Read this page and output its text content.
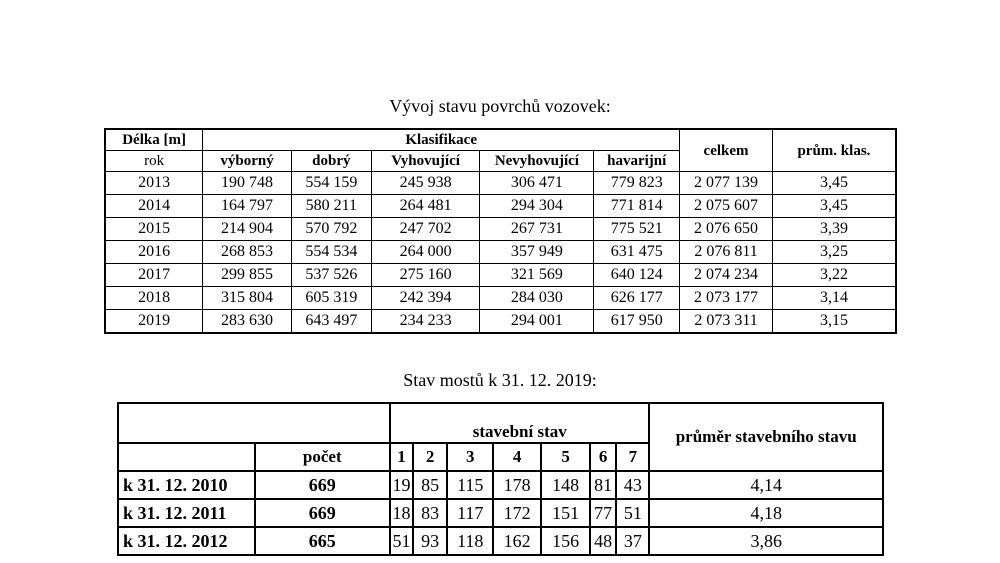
Vývoj stavu povrchů vozovek:
Délka [m]	Klasifikace					celkem	prům. klas.
rok	výborný	dobrý	Vyhovující	Nevyhovující	havarijní		
2013	190 748	554 159	245 938	306 471	779 823	2 077 139	3,45
2014	164 797	580 211	264 481	294 304	771 814	2 075 607	3,45
2015	214 904	570 792	247 702	267 731	775 521	2 076 650	3,39
2016	268 853	554 534	264 000	357 949	631 475	2 076 811	3,25
2017	299 855	537 526	275 160	321 569	640 124	2 074 234	3,22
2018	315 804	605 319	242 394	284 030	626 177	2 073 177	3,14
2019	283 630	643 497	234 233	294 001	617 950	2 073 311	3,15
Stav mostů k 31. 12. 2019:
		stavební stav							průměr stavebního stavu
	počet	1	2	3	4	5	6	7	
k 31. 12. 2010	669	19	85	115	178	148	81	43	4,14
k 31. 12. 2011	669	18	83	117	172	151	77	51	4,18
k 31. 12. 2012	665	51	93	118	162	156	48	37	3,86
